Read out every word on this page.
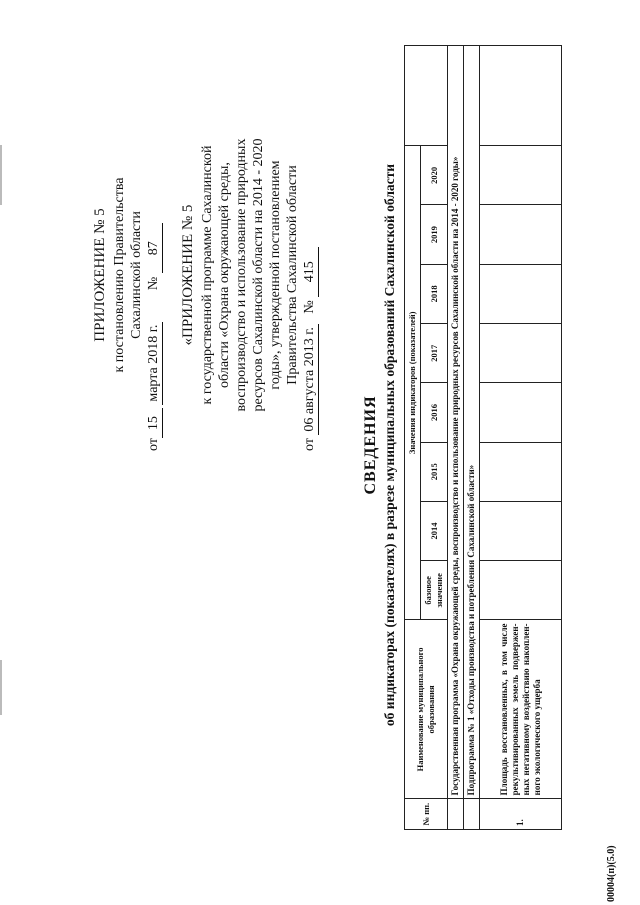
ПРИЛОЖЕНИЕ № 5 к постановлению Правительства Сахалинской области
от15 марта 2018 г.         № 87 «ПРИЛОЖЕНИЕ № 5 к государственной программе Сахалинской области «Охрана окружающей среды, воспроизводство и использование природных ресурсов Сахалинской области на 2014 - 2020 годы», утвержденной постановлением Правительства Сахалинской области
от 06 августа 2013 г.   № 415
СВЕДЕНИЯ об индикаторах (показателях) в разрезе муниципальных образований Сахалинской области
№ пп.	Наименование муниципального образования	Значения индикаторов (показателей)								
		базовое значение	2014	2015	2016	2017	2018	2019	2020	
	Государственная программа «Охрана окружающей среды, воспроизводство и использование природных ресурсов Сахалинской области на 2014 - 2020 годы»									
	Подпрограмма № 1 «Отходы производства и потребления Сахалинской области»									
1.	Площадь восстановленных, в том числе рекультивированных земель подвержен-ных негативному воздействию накоплен-ного экологического ущерба									
00004(п)(5.0)
